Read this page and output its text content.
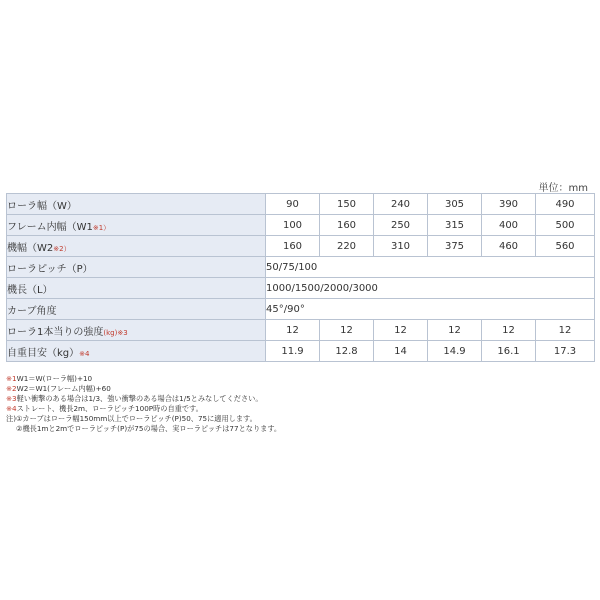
単位：mm
ローラ幅（W）	90	150	240	305	390	490
フレーム内幅（W1※1）	100	160	250	315	400	500
機幅（W2※2）	160	220	310	375	460	560
ローラピッチ（P）	50/75/100					
機長（L）	1000/1500/2000/3000					
カーブ角度	45°/90°					
ローラ1本当りの強度(kg)※3	12	12	12	12	12	12
自重目安（kg）※4	11.9	12.8	14	14.9	16.1	17.3
※1W1＝W(ローラ幅)+10
※2W2＝W1(フレーム内幅)+60
※3軽い衝撃のある場合は1/3、強い衝撃のある場合は1/5とみなしてください。
※4ストレート、機長2m、ローラピッチ100P時の自重です。
注)①カーブはローラ幅150mm以上でローラピッチ(P)50、75に適用します。
②機長1mと2mでローラピッチ(P)が75の場合、実ローラピッチは77となります。
